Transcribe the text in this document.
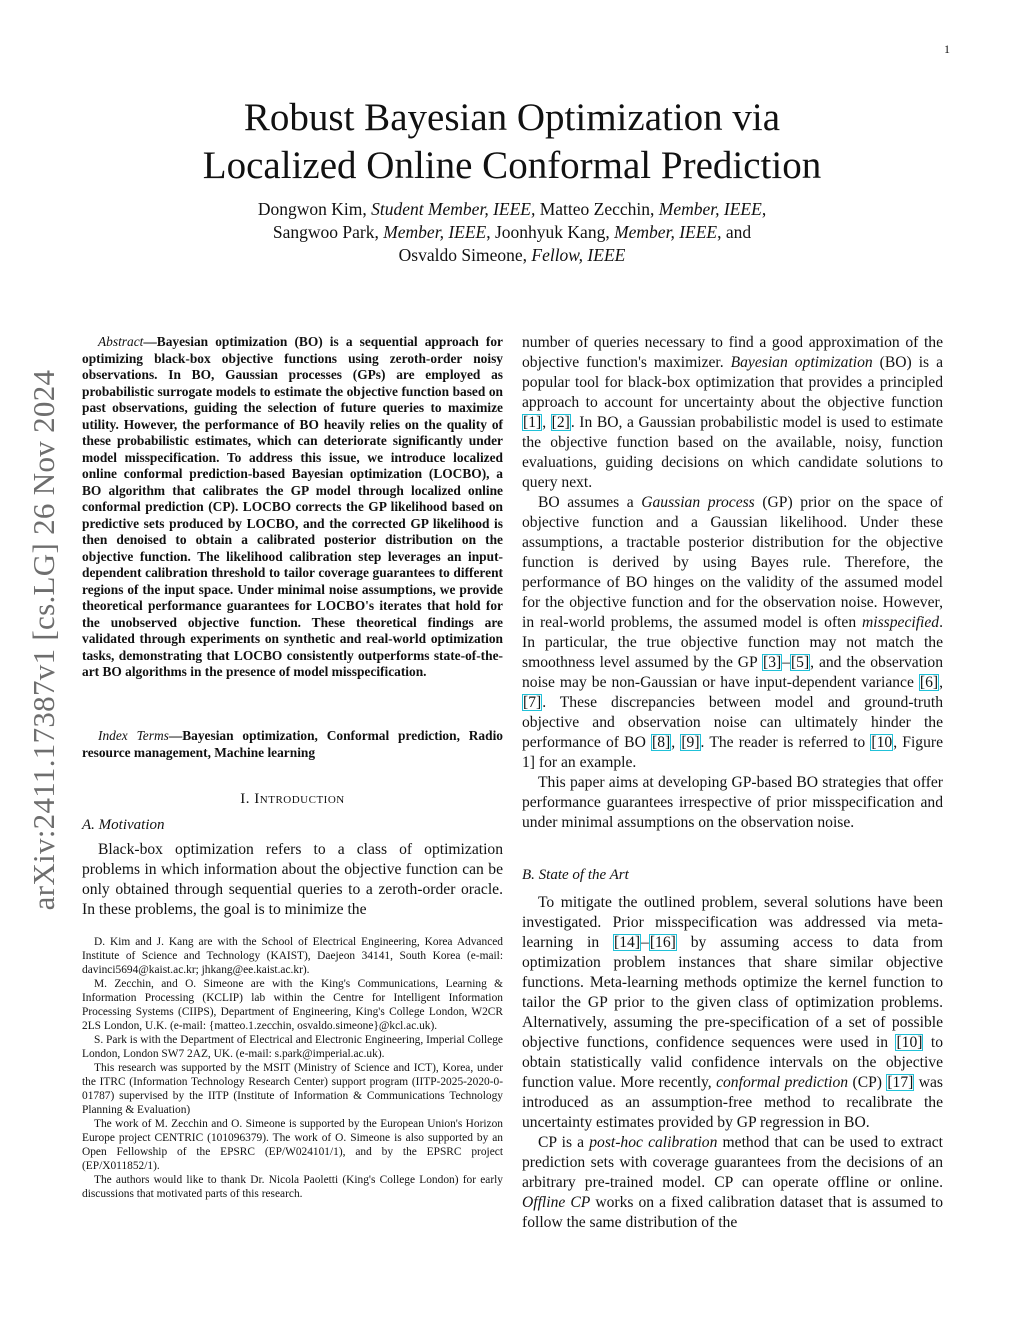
1
arXiv:2411.17387v1 [cs.LG] 26 Nov 2024
Robust Bayesian Optimization via
Localized Online Conformal Prediction
Dongwon Kim, Student Member, IEEE, Matteo Zecchin, Member, IEEE,
Sangwoo Park, Member, IEEE, Joonhyuk Kang, Member, IEEE, and
Osvaldo Simeone, Fellow, IEEE

Abstract—Bayesian optimization (BO) is a sequential approach for optimizing black-box objective functions using zeroth-order noisy observations. In BO, Gaussian processes (GPs) are employed as probabilistic surrogate models to estimate the objective function based on past observations, guiding the selection of future queries to maximize utility. However, the performance of BO heavily relies on the quality of these probabilistic estimates, which can deteriorate significantly under model misspecification. To address this issue, we introduce localized online conformal prediction-based Bayesian optimization (LOCBO), a BO algorithm that calibrates the GP model through localized online conformal prediction (CP). LOCBO corrects the GP likelihood based on predictive sets produced by LOCBO, and the corrected GP likelihood is then denoised to obtain a calibrated posterior distribution on the objective function. The likelihood calibration step leverages an input-dependent calibration threshold to tailor coverage guarantees to different regions of the input space. Under minimal noise assumptions, we provide theoretical performance guarantees for LOCBO's iterates that hold for the unobserved objective function. These theoretical findings are validated through experiments on synthetic and real-world optimization tasks, demonstrating that LOCBO consistently outperforms state-of-the-art BO algorithms in the presence of model misspecification.

Index Terms—Bayesian optimization, Conformal prediction, Radio resource management, Machine learning

I. Introduction
A. Motivation

Black-box optimization refers to a class of optimization problems in which information about the objective function can be only obtained through sequential queries to a zeroth-order oracle. In these problems, the goal is to minimize the

D. Kim and J. Kang are with the School of Electrical Engineering, Korea Advanced Institute of Science and Technology (KAIST), Daejeon 34141, South Korea (e-mail: davinci5694@kaist.ac.kr; jhkang@ee.kaist.ac.kr).

M. Zecchin, and O. Simeone are with the King's Communications, Learning & Information Processing (KCLIP) lab within the Centre for Intelligent Information Processing Systems (CIIPS), Department of Engineering, King's College London, W2CR 2LS London, U.K. (e-mail: {matteo.1.zecchin, osvaldo.simeone}@kcl.ac.uk).

S. Park is with the Department of Electrical and Electronic Engineering, Imperial College London, London SW7 2AZ, UK. (e-mail: s.park@imperial.ac.uk).

This research was supported by the MSIT (Ministry of Science and ICT), Korea, under the ITRC (Information Technology Research Center) support program (IITP-2025-2020-0-01787) supervised by the IITP (Institute of Information & Communications Technology Planning & Evaluation)

The work of M. Zecchin and O. Simeone is supported by the European Union's Horizon Europe project CENTRIC (101096379). The work of O. Simeone is also supported by an Open Fellowship of the EPSRC (EP/W024101/1), and by the EPSRC project (EP/X011852/1).

The authors would like to thank Dr. Nicola Paoletti (King's College London) for early discussions that motivated parts of this research.

number of queries necessary to find a good approximation of the objective function's maximizer. Bayesian optimization (BO) is a popular tool for black-box optimization that provides a principled approach to account for uncertainty about the objective function [1], [2]. In BO, a Gaussian probabilistic model is used to estimate the objective function based on the available, noisy, function evaluations, guiding decisions on which candidate solutions to query next.

BO assumes a Gaussian process (GP) prior on the space of objective function and a Gaussian likelihood. Under these assumptions, a tractable posterior distribution for the objective function is derived by using Bayes rule. Therefore, the performance of BO hinges on the validity of the assumed model for the objective function and for the observation noise. However, in real-world problems, the assumed model is often misspecified. In particular, the true objective function may not match the smoothness level assumed by the GP [3]–[5], and the observation noise may be non-Gaussian or have input-dependent variance [6], [7]. These discrepancies between model and ground-truth objective and observation noise can ultimately hinder the performance of BO [8], [9]. The reader is referred to [10, Figure 1] for an example.

This paper aims at developing GP-based BO strategies that offer performance guarantees irrespective of prior misspecification and under minimal assumptions on the observation noise.

B. State of the Art

To mitigate the outlined problem, several solutions have been investigated. Prior misspecification was addressed via meta-learning in [14]–[16] by assuming access to data from optimization problem instances that share similar objective functions. Meta-learning methods optimize the kernel function to tailor the GP prior to the given class of optimization problems. Alternatively, assuming the pre-specification of a set of possible objective functions, confidence sequences were used in [10] to obtain statistically valid confidence intervals on the objective function value. More recently, conformal prediction (CP) [17] was introduced as an assumption-free method to recalibrate the uncertainty estimates provided by GP regression in BO.

CP is a post-hoc calibration method that can be used to extract prediction sets with coverage guarantees from the decisions of an arbitrary pre-trained model. CP can operate offline or online. Offline CP works on a fixed calibration dataset that is assumed to follow the same distribution of the
